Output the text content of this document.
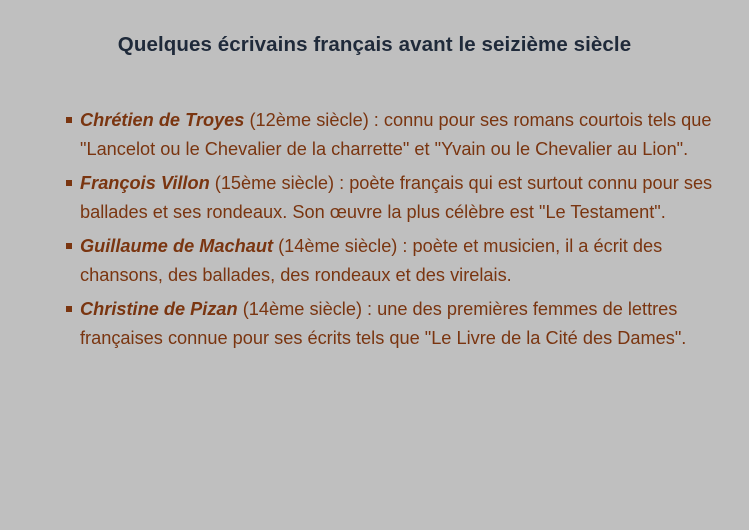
Quelques écrivains français avant le seizième siècle
Chrétien de Troyes (12ème siècle) : connu pour ses romans courtois tels que "Lancelot ou le Chevalier de la charrette" et "Yvain ou le Chevalier au Lion".
François Villon (15ème siècle) : poète français qui est surtout connu pour ses ballades et ses rondeaux. Son œuvre la plus célèbre est "Le Testament".
Guillaume de Machaut (14ème siècle) : poète et musicien, il a écrit des chansons, des ballades, des rondeaux et des virelais.
Christine de Pizan (14ème siècle) : une des premières femmes de lettres françaises connue pour ses écrits tels que "Le Livre de la Cité des Dames".
